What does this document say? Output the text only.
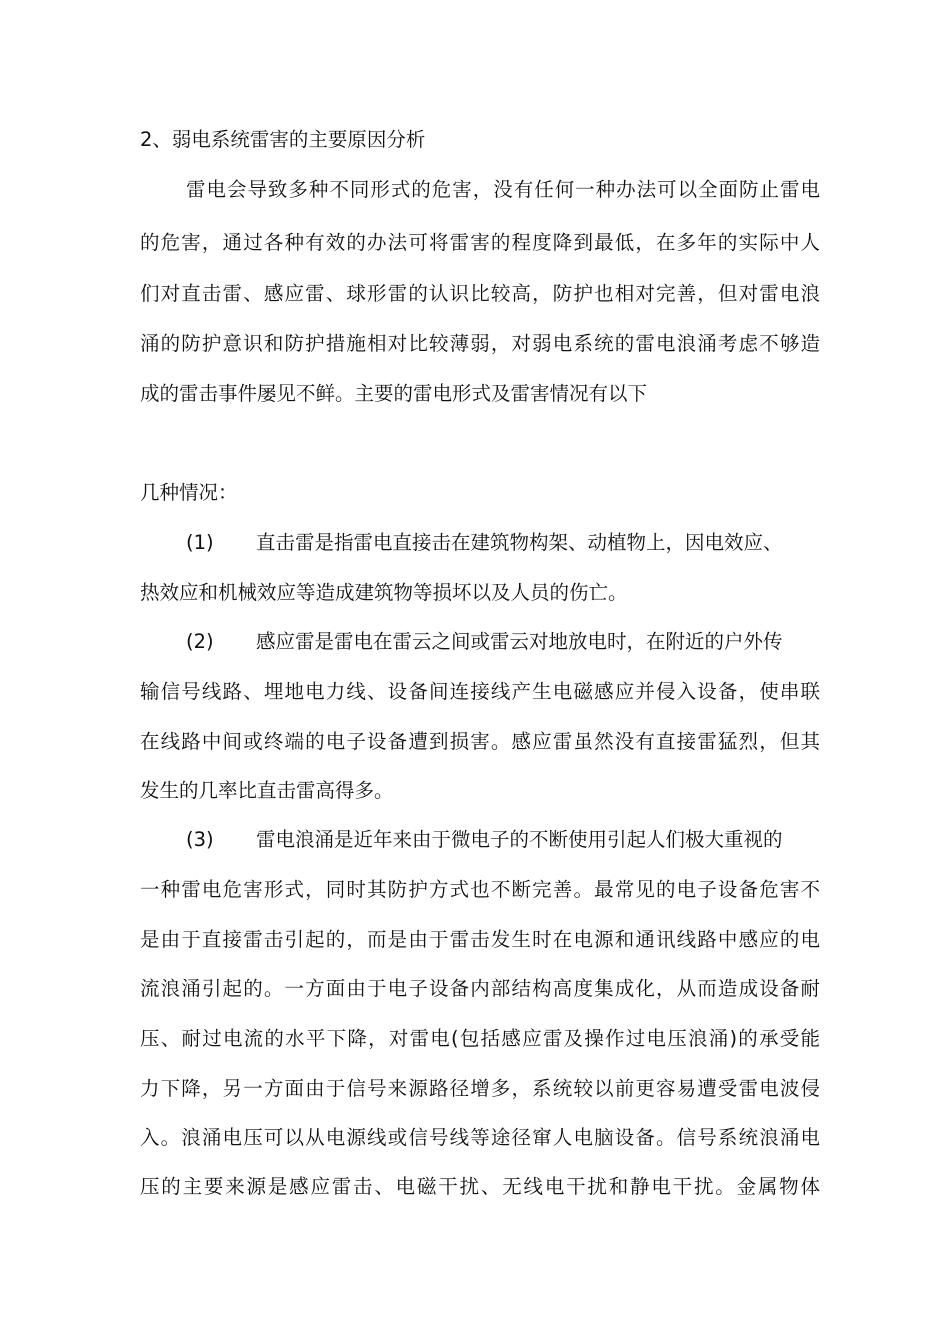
2、弱电系统雷害的主要原因分析
雷电会导致多种不同形式的危害，没有任何一种办法可以全面防止雷电
的危害，通过各种有效的办法可将雷害的程度降到最低，在多年的实际中人
们对直击雷、感应雷、球形雷的认识比较高，防护也相对完善，但对雷电浪
涌的防护意识和防护措施相对比较薄弱，对弱电系统的雷电浪涌考虑不够造
成的雷击事件屡见不鲜。主要的雷电形式及雷害情况有以下
几种情况：
(1) 直击雷是指雷电直接击在建筑物构架、动植物上，因电效应、
热效应和机械效应等造成建筑物等损坏以及人员的伤亡。
(2) 感应雷是雷电在雷云之间或雷云对地放电时，在附近的户外传
输信号线路、埋地电力线、设备间连接线产生电磁感应并侵入设备，使串联
在线路中间或终端的电子设备遭到损害。感应雷虽然没有直接雷猛烈，但其
发生的几率比直击雷高得多。
(3) 雷电浪涌是近年来由于微电子的不断使用引起人们极大重视的
一种雷电危害形式，同时其防护方式也不断完善。最常见的电子设备危害不
是由于直接雷击引起的，而是由于雷击发生时在电源和通讯线路中感应的电
流浪涌引起的。一方面由于电子设备内部结构高度集成化，从而造成设备耐
压、耐过电流的水平下降，对雷电(包括感应雷及操作过电压浪涌)的承受能
力下降，另一方面由于信号来源路径增多，系统较以前更容易遭受雷电波侵
入。浪涌电压可以从电源线或信号线等途径窜人电脑设备。信号系统浪涌电
压的主要来源是感应雷击、电磁干扰、无线电干扰和静电干扰。金属物体
